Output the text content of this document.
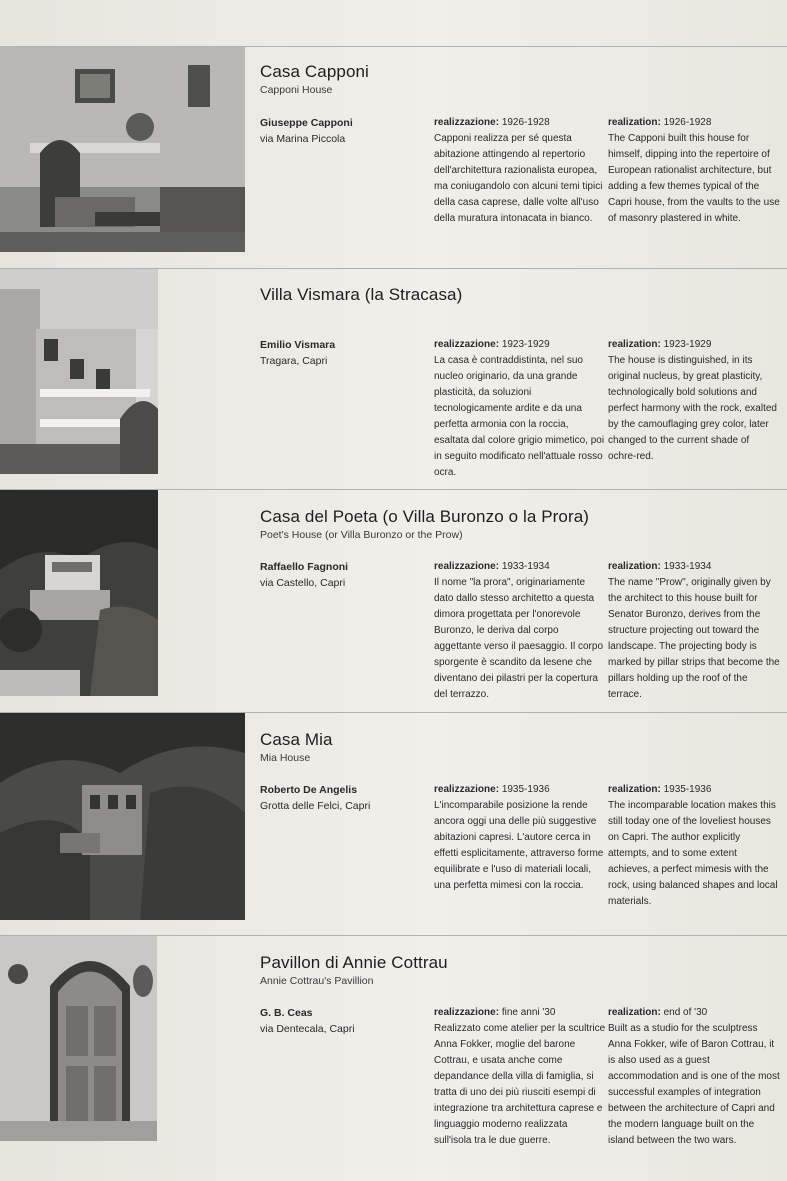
Casa Capponi
Capponi House
Giuseppe Capponi
via Marina Piccola
realizzazione: 1926-1928
Capponi realizza per sé questa abitazione attingendo al repertorio dell'architettura razionalista europea, ma coniugandolo con alcuni temi tipici della casa caprese, dalle volte all'uso della muratura intonacata in bianco.
realization: 1926-1928
The Capponi built this house for himself, dipping into the repertoire of European rationalist architecture, but adding a few themes typical of the Capri house, from the vaults to the use of masonry plastered in white.
Villa Vismara (la Stracasa)
Emilio Vismara
Tragara, Capri
realizzazione: 1923-1929
La casa è contraddistinta, nel suo nucleo originario, da una grande plasticità, da soluzioni tecnologicamente ardite e da una perfetta armonia con la roccia, esaltata dal colore grigio mimetico, poi in seguito modificato nell'attuale rosso ocra.
realization: 1923-1929
The house is distinguished, in its original nucleus, by great plasticity, technologically bold solutions and perfect harmony with the rock, exalted by the camouflaging grey color, later changed to the current shade of ochre-red.
Casa del Poeta (o Villa Buronzo o la Prora)
Poet's House (or Villa Buronzo or the Prow)
Raffaello Fagnoni
via Castello, Capri
realizzazione: 1933-1934
Il nome "la prora", originariamente dato dallo stesso architetto a questa dimora progettata per l'onorevole Buronzo, le deriva dal corpo aggettante verso il paesaggio. Il corpo sporgente è scandito da lesene che diventano dei pilastri per la copertura del terrazzo.
realization: 1933-1934
The name "Prow", originally given by the architect to this house built for Senator Buronzo, derives from the structure projecting out toward the landscape. The projecting body is marked by pillar strips that become the pillars holding up the roof of the terrace.
Casa Mia
Mia House
Roberto De Angelis
Grotta delle Felci, Capri
realizzazione: 1935-1936
L'incomparabile posizione la rende ancora oggi una delle più suggestive abitazioni capresi. L'autore cerca in effetti esplicitamente, attraverso forme equilibrate e l'uso di materiali locali, una perfetta mimesi con la roccia.
realization: 1935-1936
The incomparable location makes this still today one of the loveliest houses on Capri. The author explicitly attempts, and to some extent achieves, a perfect mimesis with the rock, using balanced shapes and local materials.
Pavillon di Annie Cottrau
Annie Cottrau's Pavillion
G. B. Ceas
via Dentecala, Capri
realizzazione: fine anni '30
Realizzato come atelier per la scultrice Anna Fokker, moglie del barone Cottrau, e usata anche come depandance della villa di famiglia, si tratta di uno dei più riusciti esempi di integrazione tra architettura caprese e linguaggio moderno realizzata sull'isola tra le due guerre.
realization: end of '30
Built as a studio for the sculptress Anna Fokker, wife of Baron Cottrau, it is also used as a guest accommodation and is one of the most successful examples of integration between the architecture of Capri and the modern language built on the island between the two wars.
